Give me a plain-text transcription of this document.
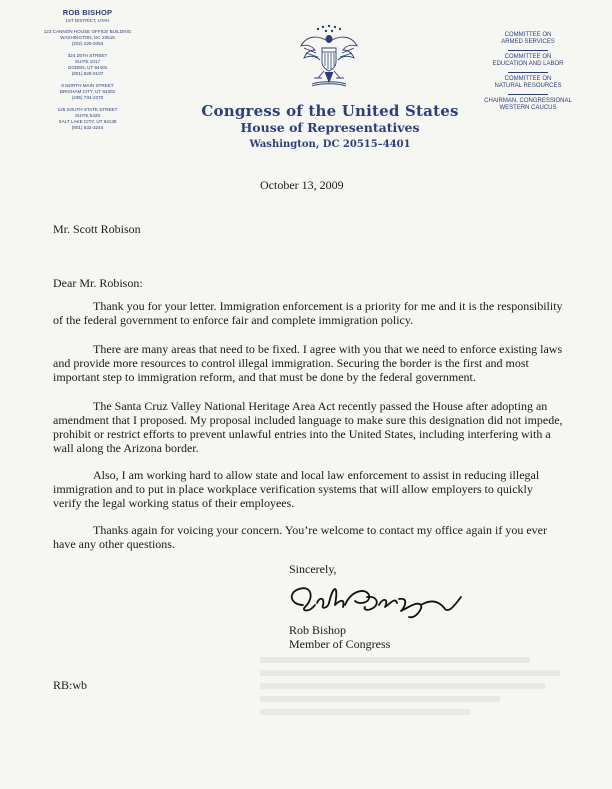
ROB BISHOP
1ST DISTRICT, UTAH
123 CANNON HOUSE OFFICE BUILDING
WASHINGTON, DC 20515
(202) 225-0453
324 25TH STREET
SUITE 1017
OGDEN, UT 84401
(801) 625-0107
6 NORTH MAIN STREET
BRIGHAM CITY, UT 84302
(435) 734-2270
125 SOUTH STATE STREET
SUITE 5420
SALT LAKE CITY, UT 84138
(801) 532-3244
Congress of the United States
House of Representatives
Washington, DC 20515–4401
COMMITTEE ON
ARMED SERVICES
COMMITTEE ON
EDUCATION AND LABOR
COMMITTEE ON
NATURAL RESOURCES
CHAIRMAN, CONGRESSIONAL
WESTERN CAUCUS
October 13, 2009
Mr. Scott Robison
Dear Mr. Robison:

Thank you for your letter. Immigration enforcement is a priority for me and it is the responsibility of the federal government to enforce fair and complete immigration policy.

There are many areas that need to be fixed. I agree with you that we need to enforce existing laws and provide more resources to control illegal immigration. Securing the border is the first and most important step to immigration reform, and that must be done by the federal government.

The Santa Cruz Valley National Heritage Area Act recently passed the House after adopting an amendment that I proposed. My proposal included language to make sure this designation did not impede, prohibit or restrict efforts to prevent unlawful entries into the United States, including interfering with a wall along the Arizona border.

Also, I am working hard to allow state and local law enforcement to assist in reducing illegal immigration and to put in place workplace verification systems that will allow employers to quickly verify the legal working status of their employees.

Thanks again for voicing your concern. You’re welcome to contact my office again if you ever have any other questions.

Sincerely,
Rob Bishop
Member of Congress
RB:wb
